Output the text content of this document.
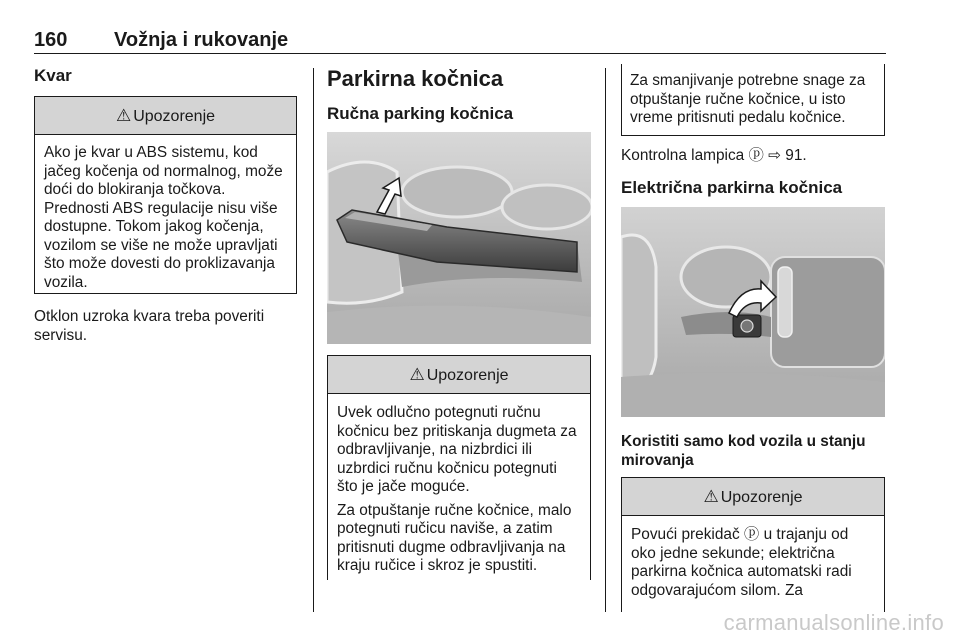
160 Vožnja i rukovanje
Kvar
⚠ Upozorenje

Ako je kvar u ABS sistemu, kod jačeg kočenja od normalnog, može doći do blokiranja točkova. Prednosti ABS regulacije nisu više dostupne. Tokom jakog kočenja, vozilom se više ne može upravljati što može dovesti do proklizavanja vozila.

Otklon uzroka kvara treba poveriti servisu.
Parkirna kočnica
Ručna parking kočnica
⚠ Upozorenje

Uvek odlučno potegnuti ručnu kočnicu bez pritiskanja dugmeta za odbravljivanje, na nizbrdici ili uzbrdici ručnu kočnicu potegnuti što je jače moguće.

Za otpuštanje ručne kočnice, malo potegnuti ručicu naviše, a zatim pritisnuti dugme odbravljivanja na kraju ručice i skroz je spustiti.

Za smanjivanje potrebne snage za otpuštanje ručne kočnice, u isto vreme pritisnuti pedalu kočnice.
Kontrolna lampica ⓟ ⇨ 91.
Električna parkirna kočnica
Koristiti samo kod vozila u stanju mirovanja
⚠ Upozorenje

Povući prekidač ⓟ u trajanju od oko jedne sekunde; električna parkirna kočnica automatski radi odgovarajućom silom. Za

carmanualsonline.info
